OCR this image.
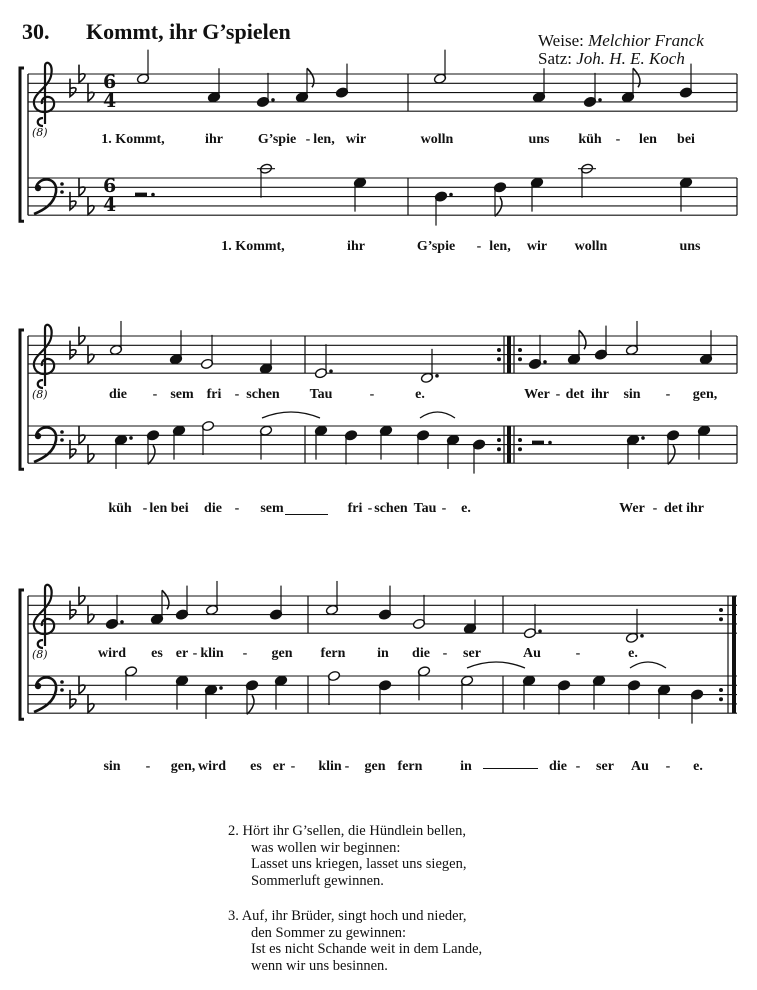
30. Kommt, ihr G’spielen	Weise: Melchior Franck
Satz: Joh. H. E. Koch
(8)
6
4
6
4
(8)
(8)
1. Kommt,	ihr G’spie - len, wir	wolln	uns küh - len bei
1. Kommt,	ihr	G’spie - len, wir wolln	uns
die - sem fri - schen Tau	-	e.	Wer - det ihr sin - gen,
küh - len bei die - sem	fri - schen Tau - e.	Wer - det ihr
wird es er - klin - gen fern in die - ser	Au -	e.
sin - gen, wird es er - klin - gen fern	in	die - ser Au - e.
2. Hört ihr G’sellen, die Hündlein bellen,
was wollen wir beginnen:
Lasset uns kriegen, lasset uns siegen,
Sommerluft gewinnen.
3. Auf, ihr Brüder, singt hoch und nieder,
den Sommer zu gewinnen:
Ist es nicht Schande weit in dem Lande,
wenn wir uns besinnen.
